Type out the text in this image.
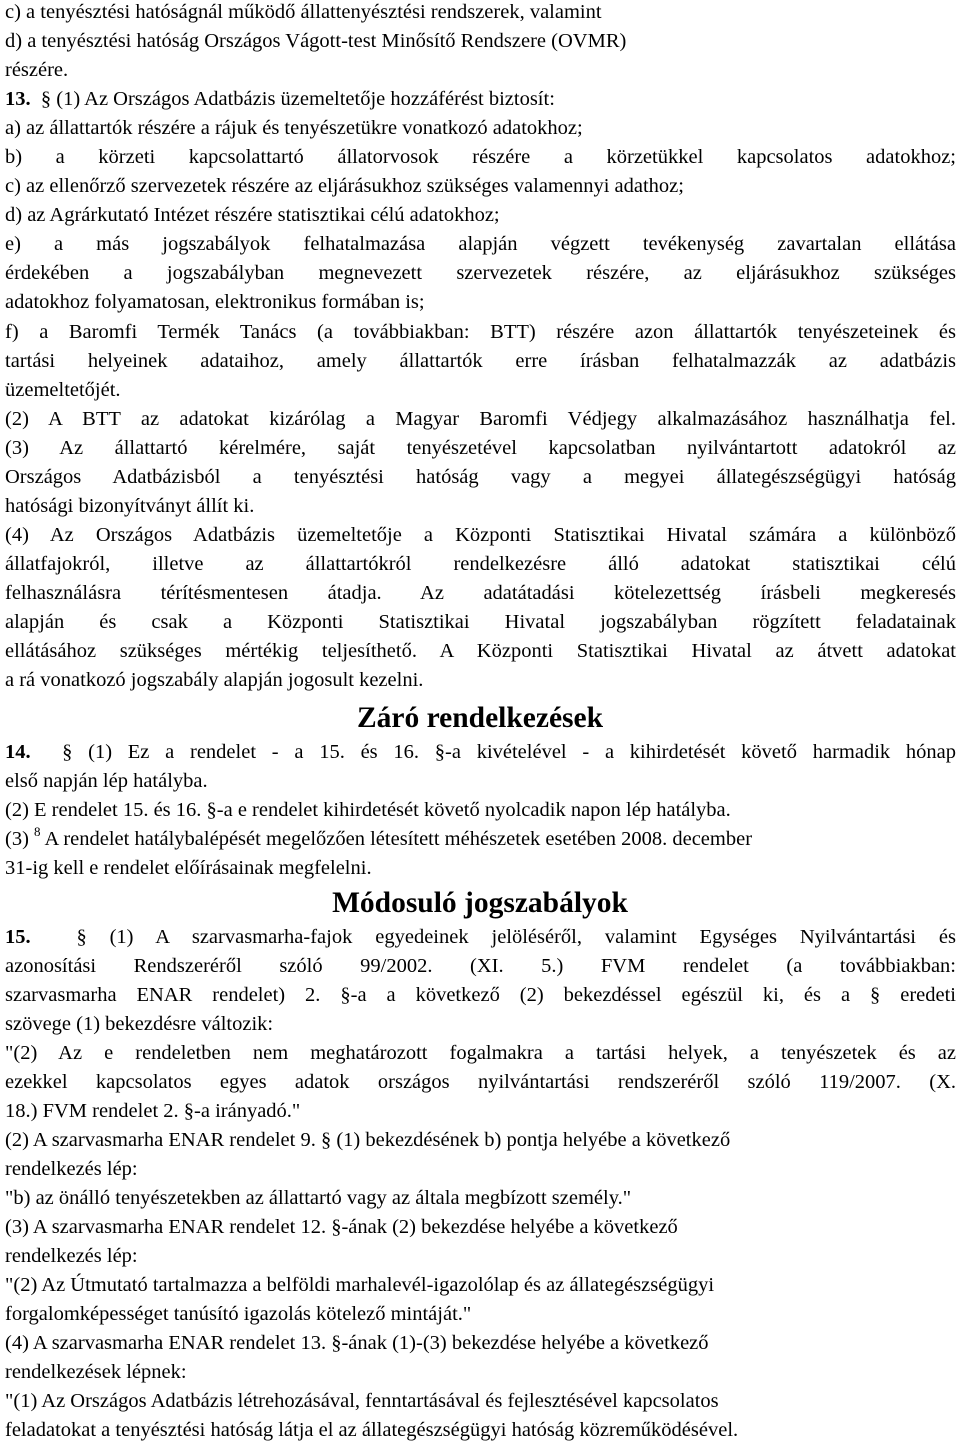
c) a tenyésztési hatóságnál működő állattenyésztési rendszerek, valamint
d) a tenyésztési hatóság Országos Vágott-test Minősítő Rendszere (OVMR)
részére.
13. § (1) Az Országos Adatbázis üzemeltetője hozzáférést biztosít:
a) az állattartók részére a rájuk és tenyészetükre vonatkozó adatokhoz;
b) a körzeti kapcsolattartó állatorvosok részére a körzetükkel kapcsolatos adatokhoz;
c) az ellenőrző szervezetek részére az eljárásukhoz szükséges valamennyi adathoz;
d) az Agrárkutató Intézet részére statisztikai célú adatokhoz;
e) a más jogszabályok felhatalmazása alapján végzett tevékenység zavartalan ellátása
érdekében a jogszabályban megnevezett szervezetek részére, az eljárásukhoz szükséges
adatokhoz folyamatosan, elektronikus formában is;
f) a Baromfi Termék Tanács (a továbbiakban: BTT) részére azon állattartók tenyészeteinek és
tartási helyeinek adataihoz, amely állattartók erre írásban felhatalmazzák az adatbázis
üzemeltetőjét.
(2) A BTT az adatokat kizárólag a Magyar Baromfi Védjegy alkalmazásához használhatja fel.
(3) Az állattartó kérelmére, saját tenyészetével kapcsolatban nyilvántartott adatokról az
Országos Adatbázisból a tenyésztési hatóság vagy a megyei állategészségügyi hatóság
hatósági bizonyítványt állít ki.
(4) Az Országos Adatbázis üzemeltetője a Központi Statisztikai Hivatal számára a különböző
állatfajokról, illetve az állattartókról rendelkezésre álló adatokat statisztikai célú
felhasználásra térítésmentesen átadja. Az adatátadási kötelezettség írásbeli megkeresés
alapján és csak a Központi Statisztikai Hivatal jogszabályban rögzített feladatainak
ellátásához szükséges mértékig teljesíthető. A Központi Statisztikai Hivatal az átvett adatokat
a rá vonatkozó jogszabály alapján jogosult kezelni.
Záró rendelkezések
14. § (1) Ez a rendelet - a 15. és 16. §-a kivételével - a kihirdetését követő harmadik hónap
első napján lép hatályba.
(2) E rendelet 15. és 16. §-a e rendelet kihirdetését követő nyolcadik napon lép hatályba.
(3) $^8$ A rendelet hatálybalépését megelőzően létesített méhészetek esetében 2008. december
31-ig kell e rendelet előírásainak megfelelni.
Módosuló jogszabályok
15. § (1) A szarvasmarha-fajok egyedeinek jelöléséről, valamint Egységes Nyilvántartási és
azonosítási Rendszeréről szóló 99/2002. (XI. 5.) FVM rendelet (a továbbiakban:
szarvasmarha ENAR rendelet) 2. §-a a következő (2) bekezdéssel egészül ki, és a § eredeti
szövege (1) bekezdésre változik:
"(2) Az e rendeletben nem meghatározott fogalmakra a tartási helyek, a tenyészetek és az
ezekkel kapcsolatos egyes adatok országos nyilvántartási rendszeréről szóló 119/2007. (X.
18.) FVM rendelet 2. §-a irányadó."
(2) A szarvasmarha ENAR rendelet 9. § (1) bekezdésének b) pontja helyébe a következő
rendelkezés lép:
"b) az önálló tenyészetekben az állattartó vagy az általa megbízott személy."
(3) A szarvasmarha ENAR rendelet 12. §-ának (2) bekezdése helyébe a következő
rendelkezés lép:
"(2) Az Útmutató tartalmazza a belföldi marhalevél-igazolólap és az állategészségügyi
forgalomképességet tanúsító igazolás kötelező mintáját."
(4) A szarvasmarha ENAR rendelet 13. §-ának (1)-(3) bekezdése helyébe a következő
rendelkezések lépnek:
"(1) Az Országos Adatbázis létrehozásával, fenntartásával és fejlesztésével kapcsolatos
feladatokat a tenyésztési hatóság látja el az állategészségügyi hatóság közreműködésével.
